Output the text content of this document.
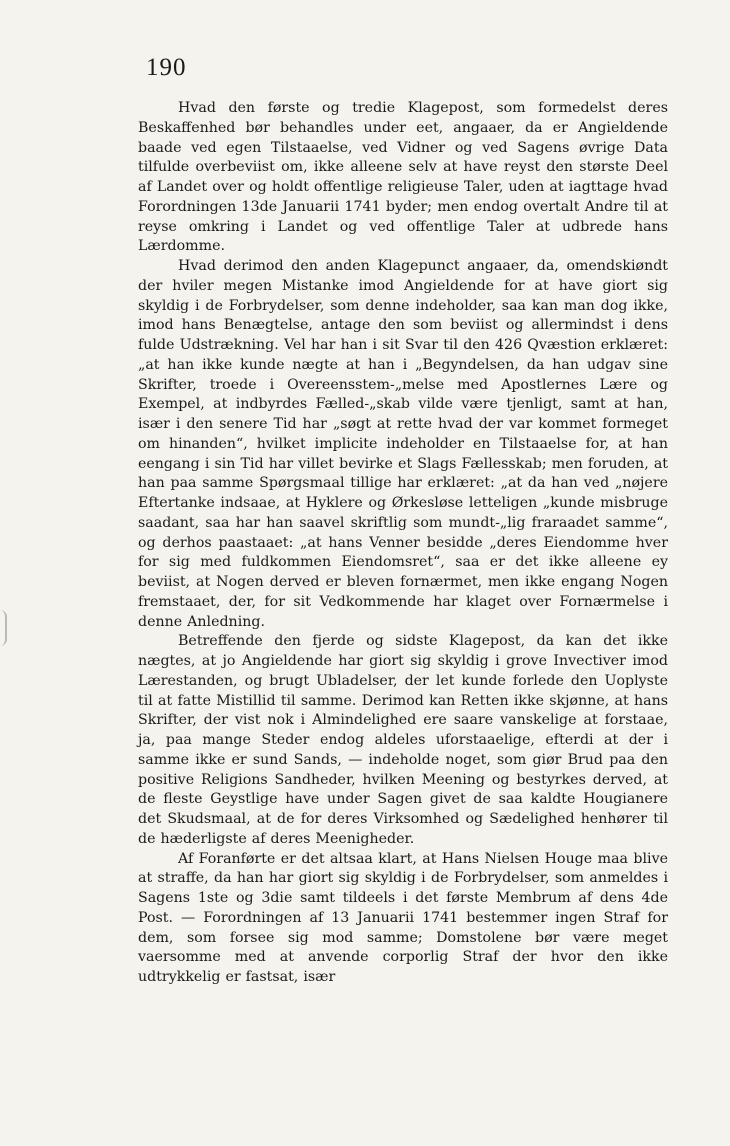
190

Hvad den første og tredie Klagepost, som formedelst deres Beskaffenhed bør behandles under eet, angaaer, da er Angieldende baade ved egen Tilstaaelse, ved Vidner og ved Sagens øvrige Data tilfulde overbeviist om, ikke alleene selv at have reyst den største Deel af Landet over og holdt offentlige religieuse Taler, uden at iagttage hvad Forordningen 13de Januarii 1741 byder; men endog overtalt Andre til at reyse omkring i Landet og ved offentlige Taler at udbrede hans Lærdomme.

Hvad derimod den anden Klagepunct angaaer, da, omendskiøndt der hviler megen Mistanke imod Angieldende for at have giort sig skyldig i de Forbrydelser, som denne indeholder, saa kan man dog ikke, imod hans Benægtelse, antage den som beviist og allermindst i dens fulde Udstrækning. Vel har han i sit Svar til den 426 Qvæstion erklæret: „at han ikke kunde nægte at han i „Begyndelsen, da han udgav sine Skrifter, troede i Overeensstem-„melse med Apostlernes Lære og Exempel, at indbyrdes Fælled-„skab vilde være tjenligt, samt at han, især i den senere Tid har „søgt at rette hvad der var kommet formeget om hinanden“, hvilket implicite indeholder en Tilstaaelse for, at han eengang i sin Tid har villet bevirke et Slags Fællesskab; men foruden, at han paa samme Spørgsmaal tillige har erklæret: „at da han ved „nøjere Eftertanke indsaae, at Hyklere og Ørkesløse letteligen „kunde misbruge saadant, saa har han saavel skriftlig som mundt-„lig fraraadet samme“, og derhos paastaaet: „at hans Venner besidde „deres Eiendomme hver for sig med fuldkommen Eiendomsret“, saa er det ikke alleene ey beviist, at Nogen derved er bleven fornærmet, men ikke engang Nogen fremstaaet, der, for sit Vedkommende har klaget over Fornærmelse i denne Anledning.

Betreffende den fjerde og sidste Klagepost, da kan det ikke nægtes, at jo Angieldende har giort sig skyldig i grove Invectiver imod Lærestanden, og brugt Ubladelser, der let kunde forlede den Uoplyste til at fatte Mistillid til samme. Derimod kan Retten ikke skjønne, at hans Skrifter, der vist nok i Almindelighed ere saare vanskelige at forstaae, ja, paa mange Steder endog aldeles uforstaaelige, efterdi at der i samme ikke er sund Sands, — indeholde noget, som giør Brud paa den positive Religions Sandheder, hvilken Meening og bestyrkes derved, at de fleste Geystlige have under Sagen givet de saa kaldte Hougianere det Skudsmaal, at de for deres Virksomhed og Sædelighed henhører til de hæderligste af deres Meenigheder.

Af Foranførte er det altsaa klart, at Hans Nielsen Houge maa blive at straffe, da han har giort sig skyldig i de Forbrydelser, som anmeldes i Sagens 1ste og 3die samt tildeels i det første Membrum af dens 4de Post. — Forordningen af 13 Januarii 1741 bestemmer ingen Straf for dem, som forsee sig mod samme; Domstolene bør være meget vaersomme med at anvende corporlig Straf der hvor den ikke udtrykkelig er fastsat, især
